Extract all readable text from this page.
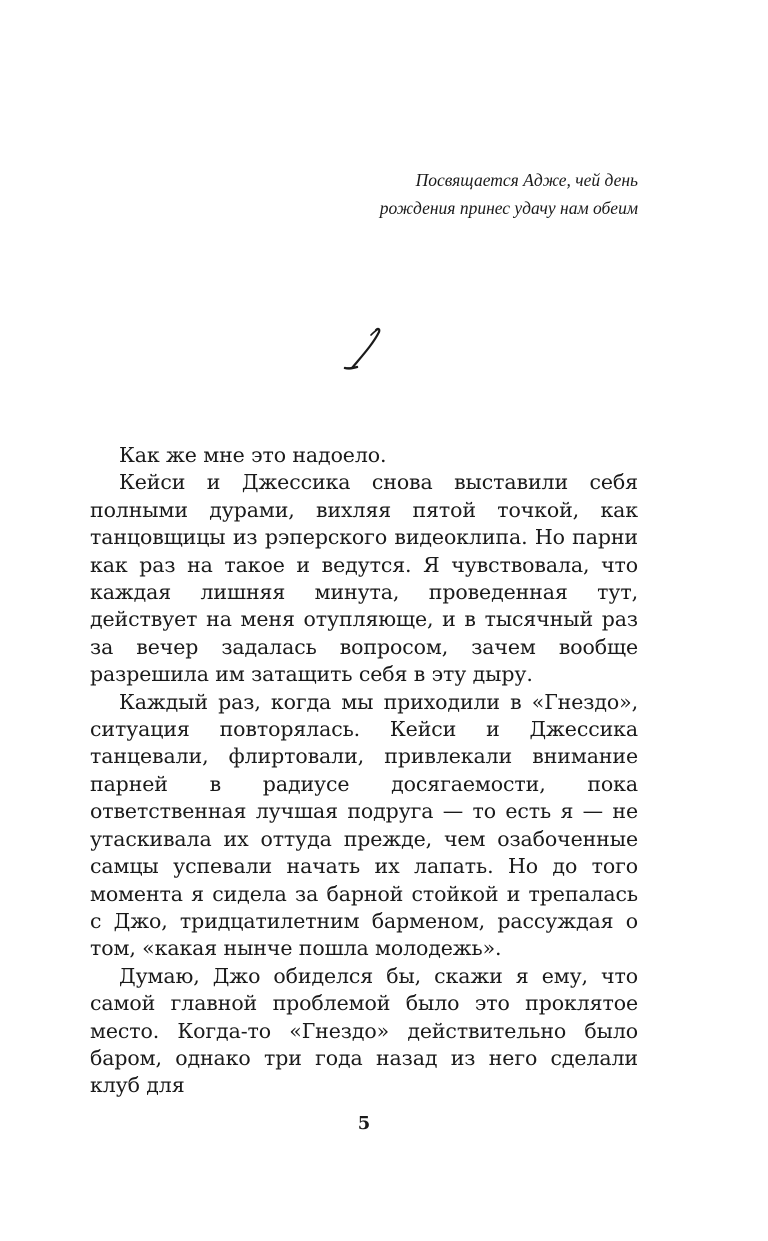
Посвящается Адже, чей день
рождения принес удачу нам обеим

Как же мне это надоело.

Кейси и Джессика снова выставили себя полными дурами, вихляя пятой точкой, как танцовщицы из рэперского видеоклипа. Но парни как раз на такое и ведутся. Я чувствовала, что каждая лишняя минута, проведенная тут, действует на меня отупляюще, и в тысячный раз за вечер задалась вопросом, зачем вообще разрешила им затащить себя в эту дыру.

Каждый раз, когда мы приходили в «Гнездо», ситуация повторялась. Кейси и Джессика танцевали, флиртовали, привлекали внимание парней в радиусе досягаемости, пока ответственная лучшая подруга — то есть я — не утаскивала их оттуда прежде, чем озабоченные самцы успевали начать их лапать. Но до того момента я сидела за барной стойкой и трепалась с Джо, тридцатилетним барменом, рассуждая о том, «какая нынче пошла молодежь».

Думаю, Джо обиделся бы, скажи я ему, что самой главной проблемой было это проклятое место. Когда-то «Гнездо» действительно было баром, однако три года назад из него сделали клуб для

5
